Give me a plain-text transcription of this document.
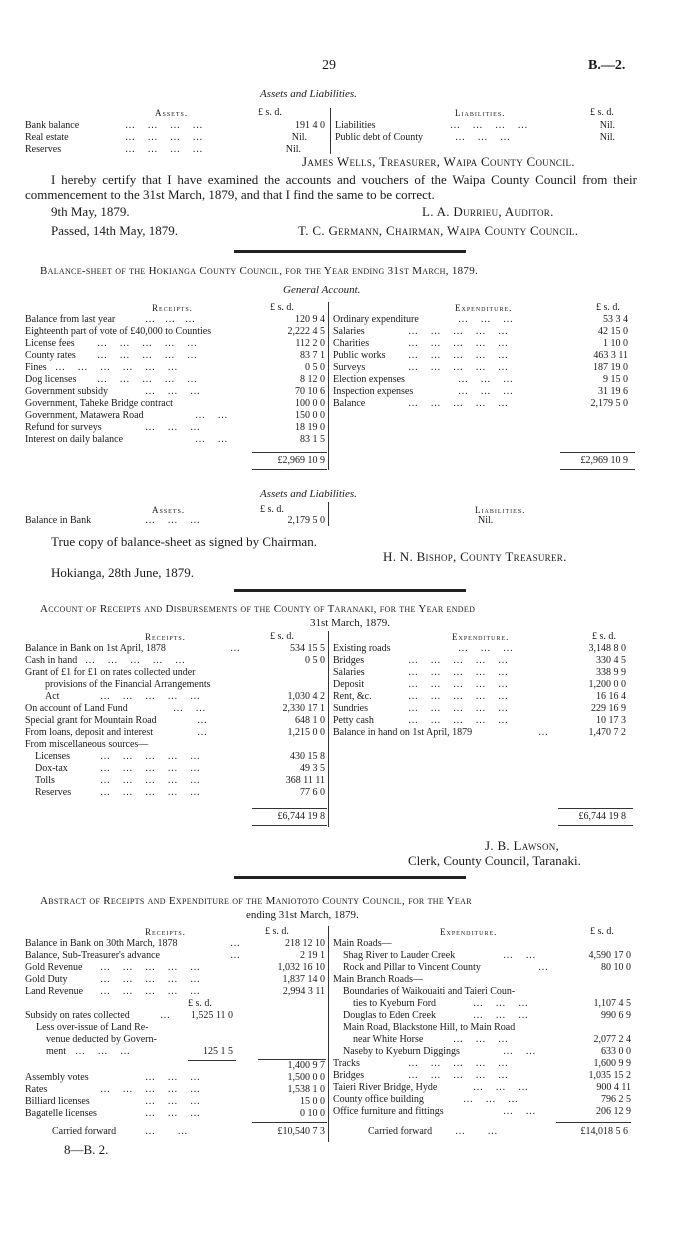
29	B.—2.
Assets and Liabilities.
Assets.	£ s. d.	Liabilities.	£ s. d.
Bank balance	…     …     …     …	191 4 0
Real estate	…     …     …     …	Nil.
Reserves	…     …     …     …	Nil.
Liabilities	…     …     …     …	Nil.
Public debt of County	…     …     …	Nil.
James Wells, Treasurer, Waipa County Council.
I hereby certify that I have examined the accounts and vouchers of the Waipa County Council from their commencement to the 31st March, 1879, and that I find the same to be correct.
9th May, 1879.	L. A. Durrieu, Auditor.
Passed, 14th May, 1879.	T. C. Germann, Chairman, Waipa County Council.
Balance-sheet of the Hokianga County Council, for the Year ending 31st March, 1879.
General Account.
Receipts.	£ s. d.	Expenditure.	£ s. d.
Balance from last year	…    …    …	120 9 4
Eighteenth part of vote of £40,000 to Counties	2,222 4 5
License fees …     …     …     …     …	112 2 0
County rates …     …     …     …     …	83 7 1
Fines …     …     …     …     …     …	0 5 0
Dog licenses …     …     …     …     …	8 12 0
Government subsidy	…     …     …	70 10 6
Government, Taheke Bridge contract	100 0 0
Government, Matawera Road	…     …	150 0 0
Refund for surveys	…     …     …	18 19 0
Interest on daily balance	…     …	83 1 5
Ordinary expenditure	…     …     …	53 3 4
Salaries	…     …     …     …     …	42 15 0
Charities	…     …     …     …     …	1 10 0
Public works …     …     …     …     …	463 3 11
Surveys	…     …     …     …     …	187 19 0
Election expenses	…     …     …	9 15 0
Inspection expenses	…     …     …	31 19 6
Balance	…     …     …     …     …	2,179 5 0
£2,969 10 9	£2,969 10 9
Assets and Liabilities.
Assets.	£ s. d.	Liabilities.
Balance in Bank	…     …     …	2,179 5 0	Nil.
True copy of balance-sheet as signed by Chairman.
H. N. Bishop, County Treasurer.
Hokianga, 28th June, 1879.
Account of Receipts and Disbursements of the County of Taranaki, for the Year ended
31st March, 1879.
Receipts.	£ s. d.	Expenditure.	£ s. d.
Balance in Bank on 1st April, 1878	…	534 15 5
Cash in hand …     …     …     …     …	0 5 0
Grant of £1 for £1 on rates collected under
provisions of the Financial Arrangements
Act	…     …     …     …     …	1,030 4 2
On account of Land Fund	…     …	2,330 17 1
Special grant for Mountain Road	…	648 1 0
From loans, deposit and interest	…	1,215 0 0
From miscellaneous sources—
Licenses	…     …     …     …     …	430 15 8
Dox-tax	…     …     …     …     …	49 3 5
Tolls	…     …     …     …     …	368 11 11
Reserves	…     …     …     …     …	77 6 0
Existing roads	…     …     …	3,148 8 0
Bridges	…     …     …     …     …	330 4 5
Salaries	…     …     …     …     …	338 9 9
Deposit	…     …     …     …     …	1,200 0 0
Rent, &c.	…     …     …     …     …	16 16 4
Sundries	…     …     …     …     …	229 16 9
Petty cash	…     …     …     …     …	10 17 3
Balance in hand on 1st April, 1879	…	1,470 7 2
£6,744 19 8	£6,744 19 8
J. B. Lawson,
Clerk, County Council, Taranaki.
Abstract of Receipts and Expenditure of the Maniototo County Council, for the Year
ending 31st March, 1879.
Receipts.	£ s. d.	Expenditure.	£ s. d.
Balance in Bank on 30th March, 1878	…	218 12 10
Balance, Sub-Treasurer's advance	…	2 19 1
Gold Revenue …     …     …     …     …	1,032 16 10
Gold Duty	…     …     …     …     …	1,837 14 0
Land Revenue …     …     …     …     …	2,994 3 11
£ s. d.
Subsidy on rates collected	…	1,525 11 0
Less over-issue of Land Re-
venue deducted by Govern-
ment …     …     …	125 1 5
1,400 9 7
Assembly votes	…     …     …	1,500 0 0
Rates	…     …     …     …     …	1,538 1 0
Billiard licenses	…     …     …	15 0 0
Bagatelle licenses	…     …     …	0 10 0
Main Roads—
Shag River to Lauder Creek	…     …	4,590 17 0
Rock and Pillar to Vincent County	…	80 10 0
Main Branch Roads—
Boundaries of Waikouaiti and Taieri Coun-
ties to Kyeburn Ford	…     …     …	1,107 4 5
Douglas to Eden Creek	…     …     …	990 6 9
Main Road, Blackstone Hill, to Main Road
near White Horse	…     …     …	2,077 2 4
Naseby to Kyeburn Diggings	…     …	633 0 0
Tracks	…     …     …     …     …	1,600 9 9
Bridges	…     …     …     …     …	1,035 15 2
Taieri River Bridge, Hyde	…     …     …	900 4 11
County office building	…     …     …	796 2 5
Office furniture and fittings	…     …	206 12 9
Carried forward	…         …	£10,540 7 3	Carried forward …         …	£14,018 5 6
8—B. 2.
